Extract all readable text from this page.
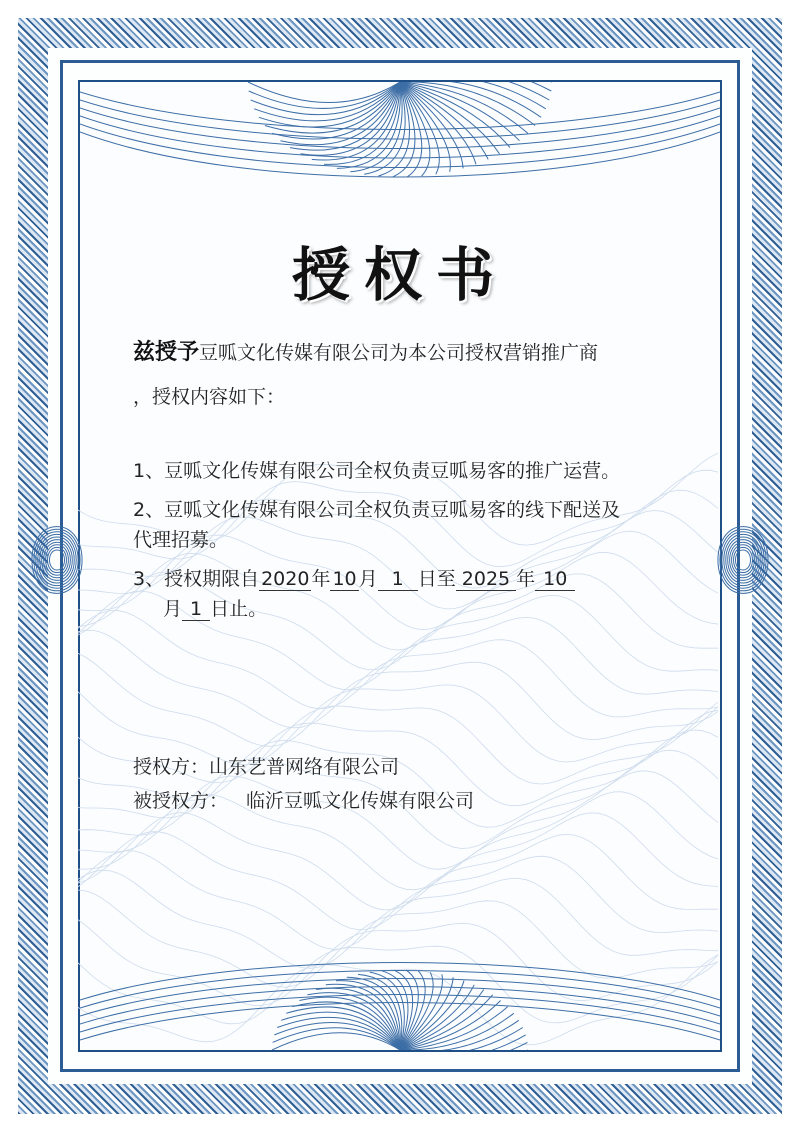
授权书

兹授予豆呱文化传媒有限公司为本公司授权营销推广商

，授权内容如下：

1、豆呱文化传媒有限公司全权负责豆呱易客的推广运营。
2、豆呱文化传媒有限公司全权负责豆呱易客的线下配送及
代理招募。
3、授权期限自 2020 年 10 月 1 日至 2025 年 10
月 1 日止。
授权方：山东艺普网络有限公司
被授权方： 临沂豆呱文化传媒有限公司
